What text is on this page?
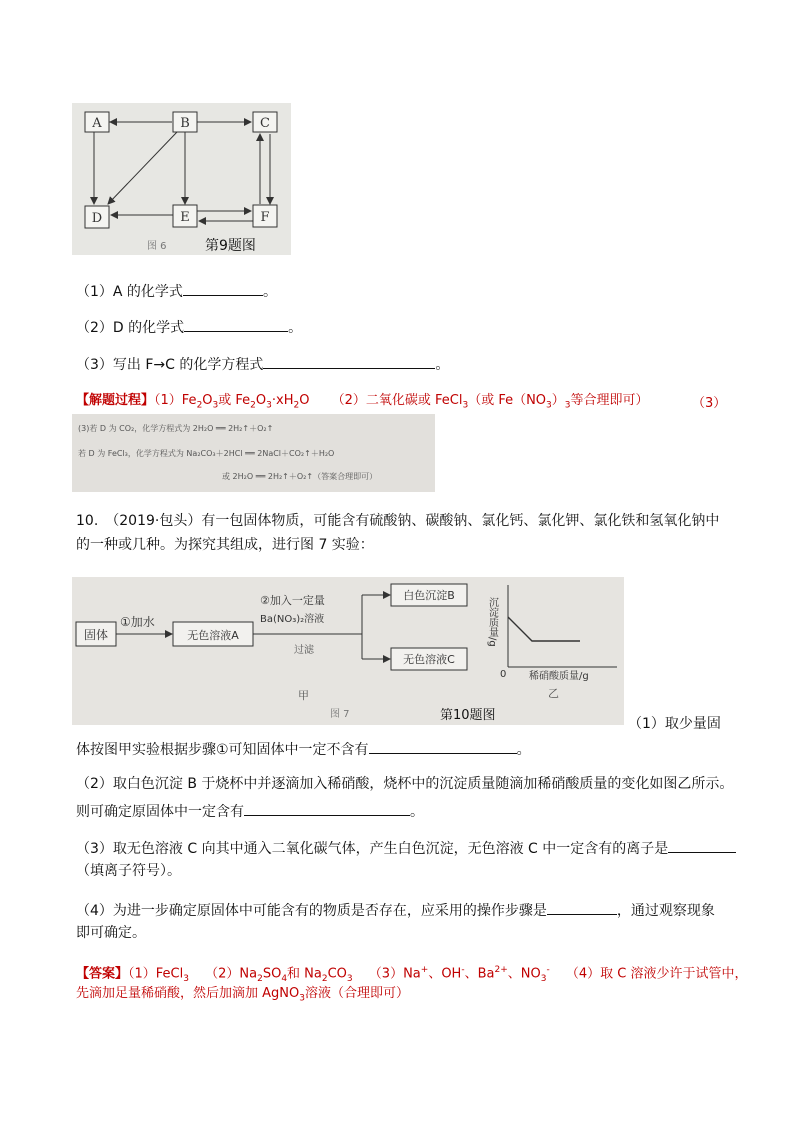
A	B	C
D	E	F
图 6	第9题图
（1）A 的化学式	。
（2）D 的化学式	。
（3）写出 F→C 的化学方程式	。
【解题过程】$(1)Fe_2O_3$或 $Fe_2O_3\cdot xH_2O$ （2）二氧化碳或 FeCl$_3$（或 $Fe(NO_3)_3$等合理即可）	（3）
(3)若 D 为 CO₂，化学方程式为 2H₂O ══ 2H₂↑＋O₂↑
若 D 为 FeCl₃，化学方程式为 Na₂CO₃＋2HCl ══ 2NaCl＋CO₂↑＋H₂O
或 2H₂O ══ 2H₂↑＋O₂↑（答案合理即可）
10.　（2019·包头）有一包固体物质，可能含有硫酸钠、碳酸钠、氯化钙、氯化钾、氯化铁和氢氧化钠中
的一种或几种。为探究其组成，进行图 7 实验：
固体
①加水
无色溶液A
②加入一定量
Ba(NO₃)₂溶液
过滤
白色沉淀B
无色溶液C
沉淀质量/g
0 稀硝酸质量/g
乙
甲
图 7	第10题图
（1）取少量固
体按图甲实验根据步骤①可知固体中一定不含有	。
（2）取白色沉淀 B 于烧杯中并逐滴加入稀硝酸，烧杯中的沉淀质量随滴加稀硝酸质量的变化如图乙所示。
则可确定原固体中一定含有	。
（3）取无色溶液 C 向其中通入二氧化碳气体，产生白色沉淀，无色溶液 C 中一定含有的离子是
（填离子符号）。
（4）为进一步确定原固体中可能含有的物质是否存在，应采用的操作步骤是	，通过观察现象
即可确定。
【答案】（1）FeCl$_3$ $(2)Na_2SO_4$和 $Na_2CO_3$ （3）Na+、OH-、$Ba^{2+}$、$NO_3^-$ （4）取 C 溶液少许于试管中，
先滴加足量稀硝酸，然后加滴加 AgNO$_3$溶液（合理即可）
